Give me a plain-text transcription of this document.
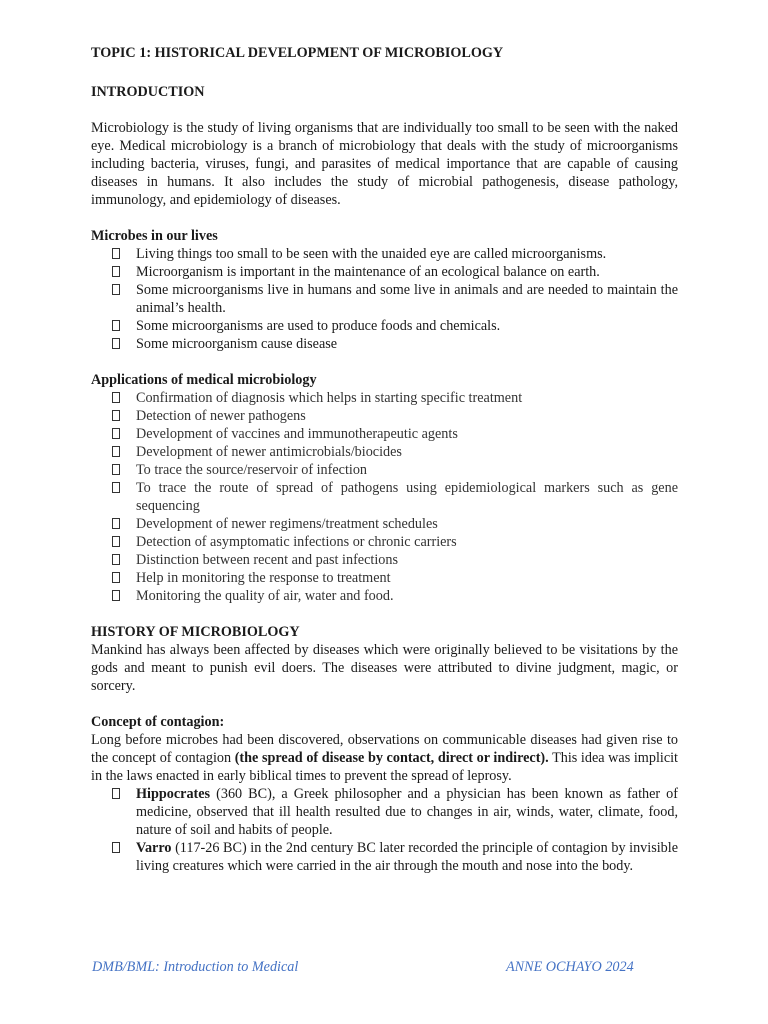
TOPIC 1: HISTORICAL DEVELOPMENT OF MICROBIOLOGY
INTRODUCTION

Microbiology is the study of living organisms that are individually too small to be seen with the naked eye. Medical microbiology is a branch of microbiology that deals with the study of microorganisms including bacteria, viruses, fungi, and parasites of medical importance that are capable of causing diseases in humans. It also includes the study of microbial pathogenesis, disease pathology, immunology, and epidemiology of diseases.

Microbes in our lives
Living things too small to be seen with the unaided eye are called microorganisms.
Microorganism is important in the maintenance of an ecological balance on earth.
Some microorganisms live in humans and some live in animals and are needed to maintain the animal’s health.
Some microorganisms are used to produce foods and chemicals.
Some microorganism cause disease
Applications of medical microbiology
Confirmation of diagnosis which helps in starting specific treatment
Detection of newer pathogens
Development of vaccines and immunotherapeutic agents
Development of newer antimicrobials/biocides
To trace the source/reservoir of infection
To trace the route of spread of pathogens using epidemiological markers such as gene sequencing
Development of newer regimens/treatment schedules
Detection of asymptomatic infections or chronic carriers
Distinction between recent and past infections
Help in monitoring the response to treatment
Monitoring the quality of air, water and food.
HISTORY OF MICROBIOLOGY

Mankind has always been affected by diseases which were originally believed to be visitations by the gods and meant to punish evil doers. The diseases were attributed to divine judgment, magic, or sorcery.

Concept of contagion:

Long before microbes had been discovered, observations on communicable diseases had given rise to the concept of contagion (the spread of disease by contact, direct or indirect). This idea was implicit in the laws enacted in early biblical times to prevent the spread of leprosy.

Hippocrates (360 BC), a Greek philosopher and a physician has been known as father of medicine, observed that ill health resulted due to changes in air, winds, water, climate, food, nature of soil and habits of people.
Varro (117-26 BC) in the 2nd century BC later recorded the principle of contagion by invisible living creatures which were carried in the air through the mouth and nose into the body.
DMB/BML: Introduction to Medical	ANNE OCHAYO 2024
